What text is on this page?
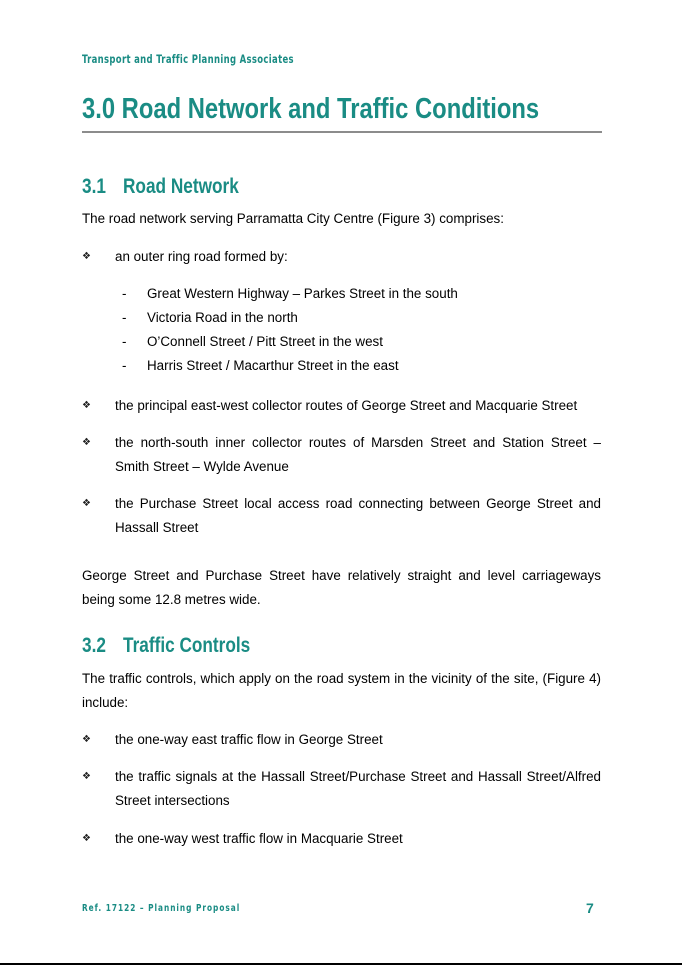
Transport and Traffic Planning Associates
3.0 Road Network and Traffic Conditions
3.1 Road Network

The road network serving Parramatta City Centre (Figure 3) comprises:

❖	an outer ring road formed by:
- Great Western Highway – Parkes Street in the south
- Victoria Road in the north
- O’Connell Street / Pitt Street in the west
- Harris Street / Macarthur Street in the east
❖	the principal east-west collector routes of George Street and Macquarie Street
❖	the north-south inner collector routes of Marsden Street and Station Street – Smith Street – Wylde Avenue
❖	the Purchase Street local access road connecting between George Street and Hassall Street

George Street and Purchase Street have relatively straight and level carriageways being some 12.8 metres wide.

3.2 Traffic Controls

The traffic controls, which apply on the road system in the vicinity of the site, (Figure 4) include:

❖	the one-way east traffic flow in George Street
❖	the traffic signals at the Hassall Street/Purchase Street and Hassall Street/Alfred Street intersections
❖	the one-way west traffic flow in Macquarie Street
Ref. 17122 – Planning Proposal	7
